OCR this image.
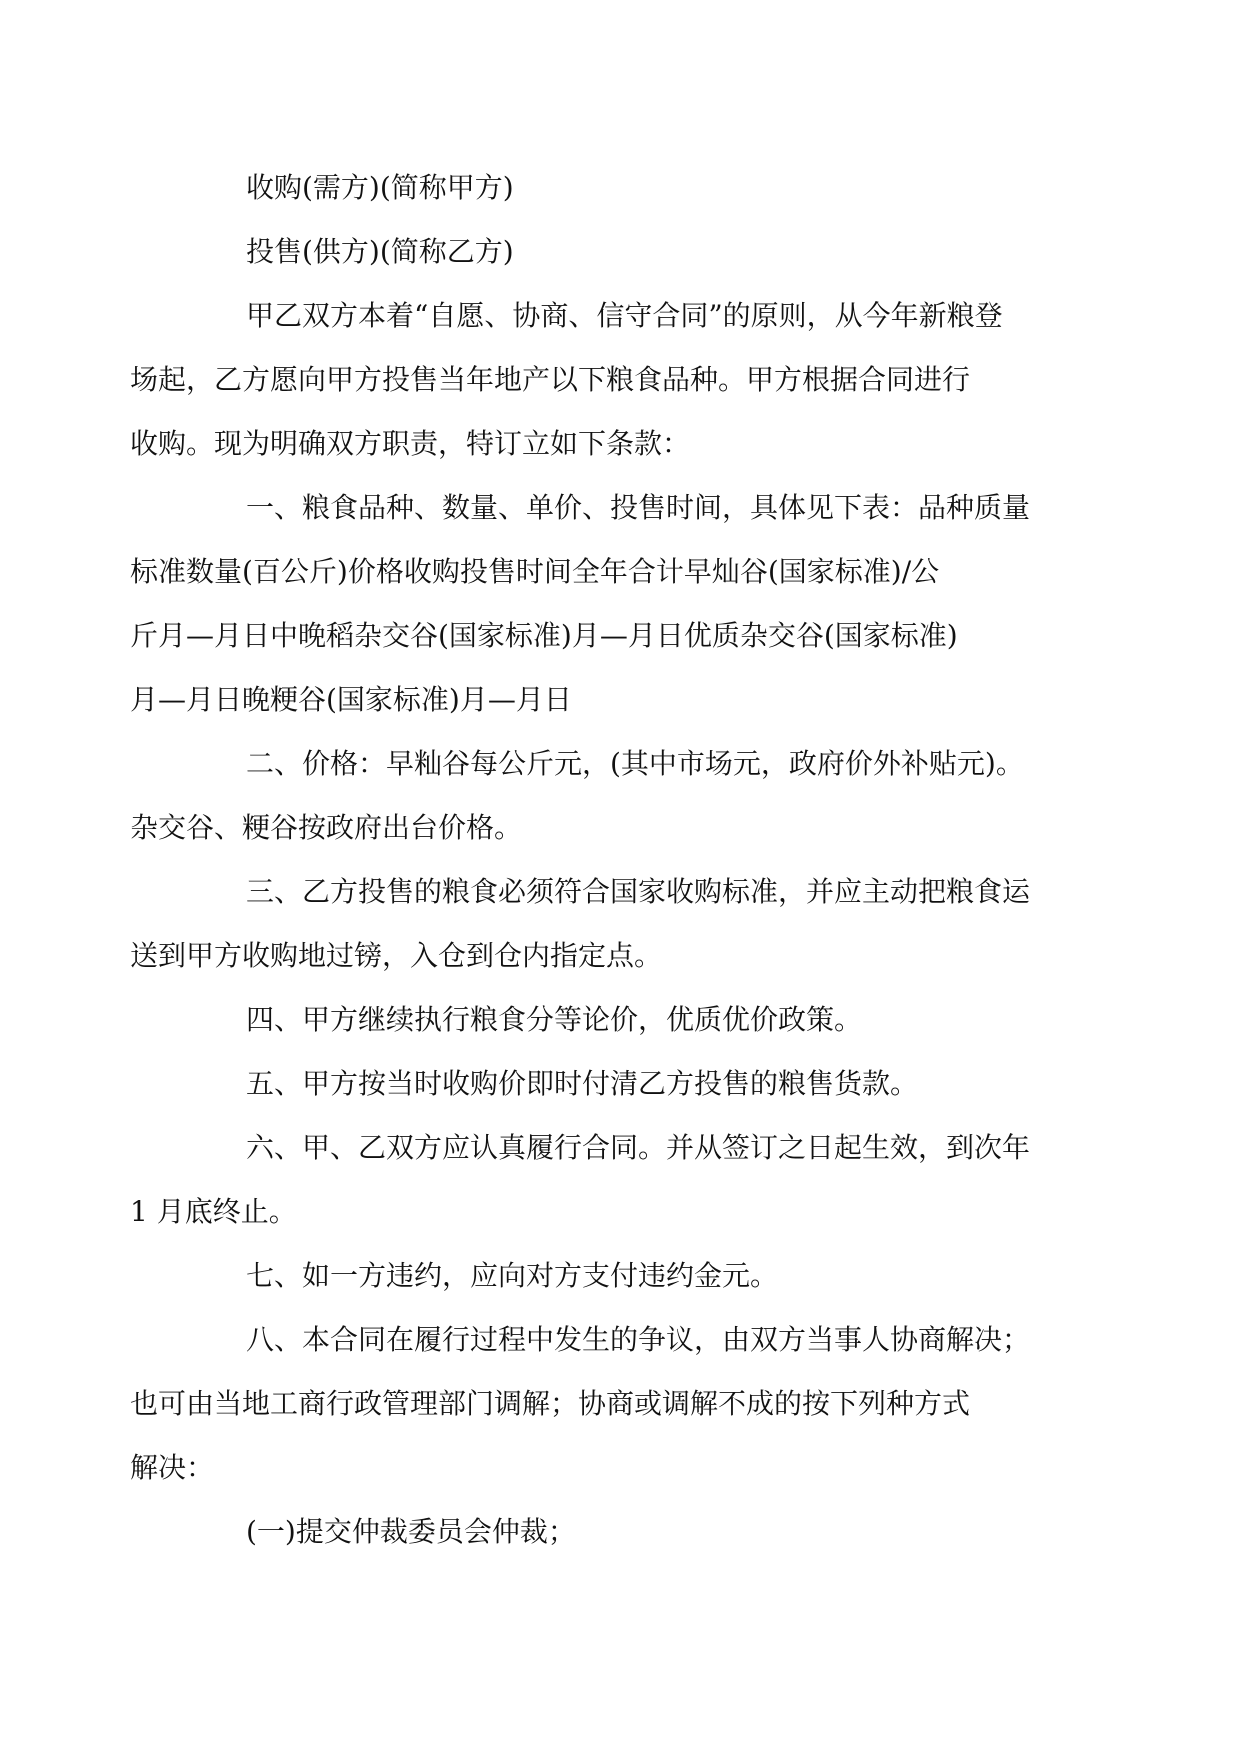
收购(需方)(简称甲方)

投售(供方)(简称乙方)

甲乙双方本着“自愿、协商、信守合同”的原则，从今年新粮登
场起，乙方愿向甲方投售当年地产以下粮食品种。甲方根据合同进行
收购。现为明确双方职责，特订立如下条款：

一、粮食品种、数量、单价、投售时间，具体见下表：品种质量
标准数量(百公斤)价格收购投售时间全年合计早灿谷(国家标准)/公
斤月—月日中晚稻杂交谷(国家标准)月—月日优质杂交谷(国家标准)
月—月日晚粳谷(国家标准)月—月日

二、价格：早籼谷每公斤元，(其中市场元，政府价外补贴元)。
杂交谷、粳谷按政府出台价格。

三、乙方投售的粮食必须符合国家收购标准，并应主动把粮食运
送到甲方收购地过镑，入仓到仓内指定点。

四、甲方继续执行粮食分等论价，优质优价政策。

五、甲方按当时收购价即时付清乙方投售的粮售货款。

六、甲、乙双方应认真履行合同。并从签订之日起生效，到次年
1 月底终止。

七、如一方违约，应向对方支付违约金元。

八、本合同在履行过程中发生的争议，由双方当事人协商解决；
也可由当地工商行政管理部门调解；协商或调解不成的按下列种方式
解决：

(一)提交仲裁委员会仲裁；
